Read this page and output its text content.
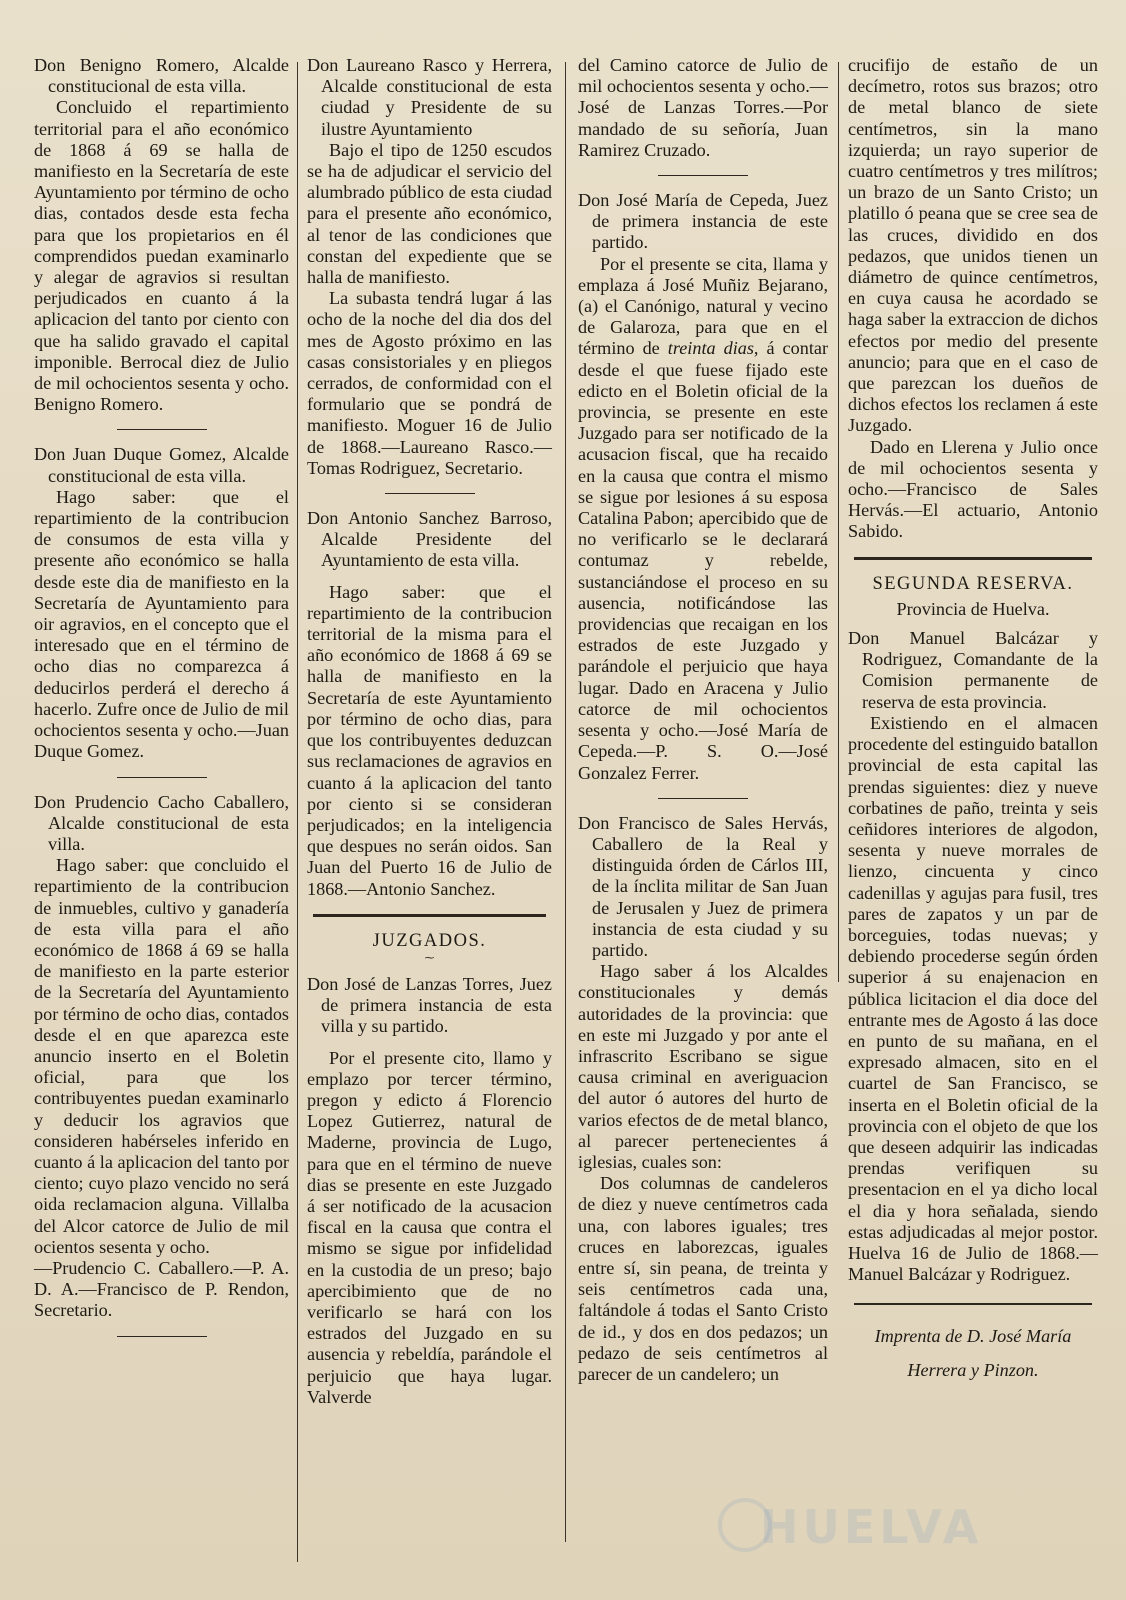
Don Benigno Romero, Alcalde constitucional de esta villa.

Concluido el repartimiento territorial para el año económico de 1868 á 69 se halla de manifiesto en la Secretaría de este Ayuntamiento por término de ocho dias, contados desde esta fecha para que los propietarios en él comprendidos puedan examinarlo y alegar de agravios si resultan perjudicados en cuanto á la aplicacion del tanto por ciento con que ha salido gravado el capital imponible. Berrocal diez de Julio de mil ochocientos sesenta y ocho. Benigno Romero.

Don Juan Duque Gomez, Alcalde constitucional de esta villa.

Hago saber: que el repartimiento de la contribucion de consumos de esta villa y presente año económico se halla desde este dia de manifiesto en la Secretaría de Ayuntamiento para oir agravios, en el concepto que el interesado que en el término de ocho dias no comparezca á deducirlos perderá el derecho á hacerlo. Zufre once de Julio de mil ochocientos sesenta y ocho.—Juan Duque Gomez.

Don Prudencio Cacho Caballero, Alcalde constitucional de esta villa.

Hago saber: que concluido el repartimiento de la contribucion de inmuebles, cultivo y ganadería de esta villa para el año económico de 1868 á 69 se halla de manifiesto en la parte esterior de la Secretaría del Ayuntamiento por término de ocho dias, contados desde el en que aparezca este anuncio inserto en el Boletin oficial, para que los contribuyentes puedan examinarlo y deducir los agravios que consideren habérseles inferido en cuanto á la aplicacion del tanto por ciento; cuyo plazo vencido no será oida reclamacion alguna. Villalba del Alcor catorce de Julio de mil ocientos sesenta y ocho.

—Prudencio C. Caballero.—P. A. D. A.—Francisco de P. Rendon, Secretario.

Don Laureano Rasco y Herrera, Alcalde constitucional de esta ciudad y Presidente de su ilustre Ayuntamiento

Bajo el tipo de 1250 escudos se ha de adjudicar el servicio del alumbrado público de esta ciudad para el presente año económico, al tenor de las condiciones que constan del expediente que se halla de manifiesto.

La subasta tendrá lugar á las ocho de la noche del dia dos del mes de Agosto próximo en las casas consistoriales y en pliegos cerrados, de conformidad con el formulario que se pondrá de manifiesto. Moguer 16 de Julio de 1868.—Laureano Rasco.—Tomas Rodriguez, Secretario.

Don Antonio Sanchez Barroso, Alcalde Presidente del Ayuntamiento de esta villa.

Hago saber: que el repartimiento de la contribucion territorial de la misma para el año económico de 1868 á 69 se halla de manifiesto en la Secretaría de este Ayuntamiento por término de ocho dias, para que los contribuyentes deduzcan sus reclamaciones de agravios en cuanto á la aplicacion del tanto por ciento si se consideran perjudicados; en la inteligencia que despues no serán oidos. San Juan del Puerto 16 de Julio de 1868.—Antonio Sanchez.

JUZGADOS.

⁓

Don José de Lanzas Torres, Juez de primera instancia de esta villa y su partido.

Por el presente cito, llamo y emplazo por tercer término, pregon y edicto á Florencio Lopez Gutierrez, natural de Maderne, provincia de Lugo, para que en el término de nueve dias se presente en este Juzgado á ser notificado de la acusacion fiscal en la causa que contra el mismo se sigue por infidelidad en la custodia de un preso; bajo apercibimiento que de no verificarlo se hará con los estrados del Juzgado en su ausencia y rebeldía, parándole el perjuicio que haya lugar. Valverde

del Camino catorce de Julio de mil ochocientos sesenta y ocho.—José de Lanzas Torres.—Por mandado de su señoría, Juan Ramirez Cruzado.

Don José María de Cepeda, Juez de primera instancia de este partido.

Por el presente se cita, llama y emplaza á José Muñiz Bejarano, (a) el Canónigo, natural y vecino de Galaroza, para que en el término de treinta dias, á contar desde el que fuese fijado este edicto en el Boletin oficial de la provincia, se presente en este Juzgado para ser notificado de la acusacion fiscal, que ha recaido en la causa que contra el mismo se sigue por lesiones á su esposa Catalina Pabon; apercibido que de no verificarlo se le declarará contumaz y rebelde, sustanciándose el proceso en su ausencia, notificándose las providencias que recaigan en los estrados de este Juzgado y parándole el perjuicio que haya lugar. Dado en Aracena y Julio catorce de mil ochocientos sesenta y ocho.—José María de Cepeda.—P. S. O.—José Gonzalez Ferrer.

Don Francisco de Sales Hervás, Caballero de la Real y distinguida órden de Cárlos III, de la ínclita militar de San Juan de Jerusalen y Juez de primera instancia de esta ciudad y su partido.

Hago saber á los Alcaldes constitucionales y demás autoridades de la provincia: que en este mi Juzgado y por ante el infrascrito Escribano se sigue causa criminal en averiguacion del autor ó autores del hurto de varios efectos de de metal blanco, al parecer pertenecientes á iglesias, cuales son:

Dos columnas de candeleros de diez y nueve centímetros cada una, con labores iguales; tres cruces en laborezcas, iguales entre sí, sin peana, de treinta y seis centímetros cada una, faltándole á todas el Santo Cristo de id., y dos en dos pedazos; un pedazo de seis centímetros al parecer de un candelero; un

crucifijo de estaño de un decímetro, rotos sus brazos; otro de metal blanco de siete centímetros, sin la mano izquierda; un rayo superior de cuatro centímetros y tres milítros; un brazo de un Santo Cristo; un platillo ó peana que se cree sea de las cruces, dividido en dos pedazos, que unidos tienen un diámetro de quince centímetros, en cuya causa he acordado se haga saber la extraccion de dichos efectos por medio del presente anuncio; para que en el caso de que parezcan los dueños de dichos efectos los reclamen á este Juzgado.

Dado en Llerena y Julio once de mil ochocientos sesenta y ocho.—Francisco de Sales Hervás.—El actuario, Antonio Sabido.

SEGUNDA RESERVA.

Provincia de Huelva.

Don Manuel Balcázar y Rodriguez, Comandante de la Comision permanente de reserva de esta provincia.

Existiendo en el almacen procedente del estinguido batallon provincial de esta capital las prendas siguientes: diez y nueve corbatines de paño, treinta y seis ceñidores interiores de algodon, sesenta y nueve morrales de lienzo, cincuenta y cinco cadenillas y agujas para fusil, tres pares de zapatos y un par de borceguies, todas nuevas; y debiendo procederse según órden superior á su enajenacion en pública licitacion el dia doce del entrante mes de Agosto á las doce en punto de su mañana, en el expresado almacen, sito en el cuartel de San Francisco, se inserta en el Boletin oficial de la provincia con el objeto de que los que deseen adquirir las indicadas prendas verifiquen su presentacion en el ya dicho local el dia y hora señalada, siendo estas adjudicadas al mejor postor. Huelva 16 de Julio de 1868.—Manuel Balcázar y Rodriguez.

Imprenta de D. José María
Herrera y Pinzon.

HUELVA
